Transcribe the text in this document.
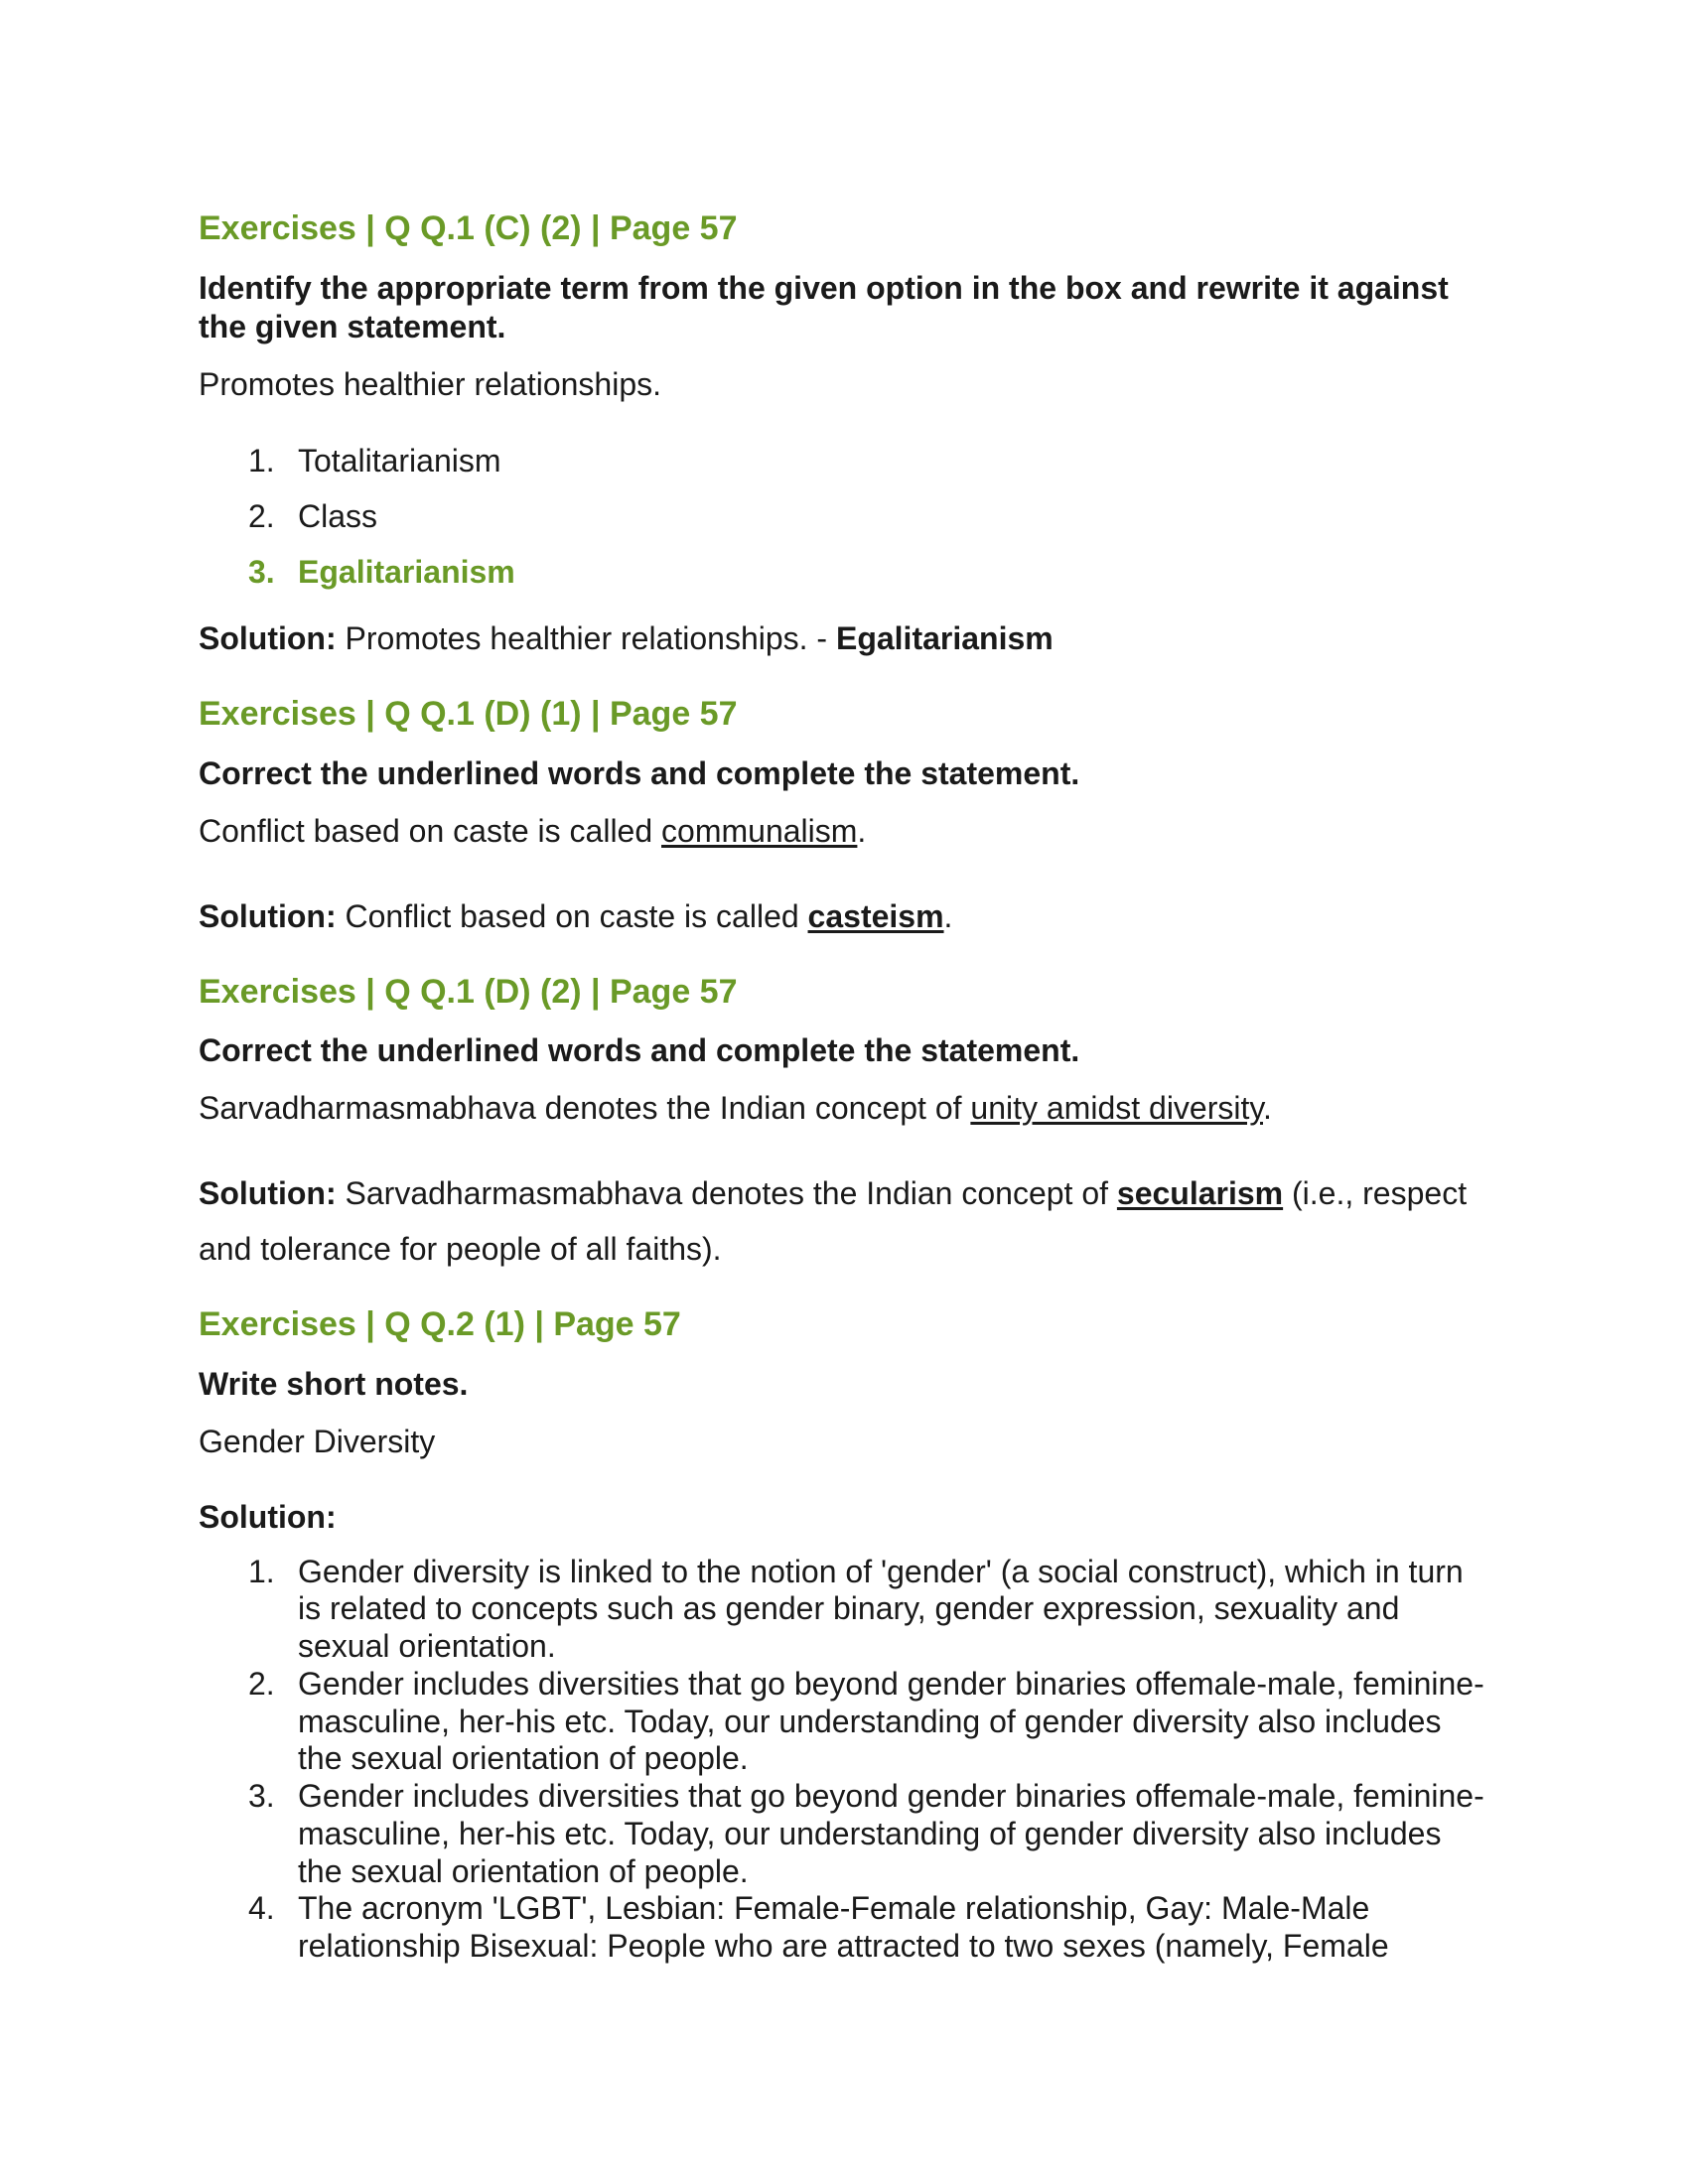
Exercises | Q Q.1 (C) (2) | Page 57
Identify the appropriate term from the given option in the box and rewrite it against the given statement.
Promotes healthier relationships.
1. Totalitarianism
2. Class
3. Egalitarianism
Solution: Promotes healthier relationships. - Egalitarianism
Exercises | Q Q.1 (D) (1) | Page 57
Correct the underlined words and complete the statement.
Conflict based on caste is called communalism.
Solution: Conflict based on caste is called casteism.
Exercises | Q Q.1 (D) (2) | Page 57
Correct the underlined words and complete the statement.
Sarvadharmasmabhava denotes the Indian concept of unity amidst diversity.
Solution: Sarvadharmasmabhava denotes the Indian concept of secularism (i.e., respect and tolerance for people of all faiths).
Exercises | Q Q.2 (1) | Page 57
Write short notes.
Gender Diversity
Solution:
1. Gender diversity is linked to the notion of 'gender' (a social construct), which in turn is related to concepts such as gender binary, gender expression, sexuality and sexual orientation.
2. Gender includes diversities that go beyond gender binaries offemale-male, feminine- masculine, her-his etc. Today, our understanding of gender diversity also includes the sexual orientation of people.
3. Gender includes diversities that go beyond gender binaries offemale-male, feminine- masculine, her-his etc. Today, our understanding of gender diversity also includes the sexual orientation of people.
4. The acronym 'LGBT', Lesbian: Female-Female relationship, Gay: Male-Male relationship Bisexual: People who are attracted to two sexes (namely, Female
